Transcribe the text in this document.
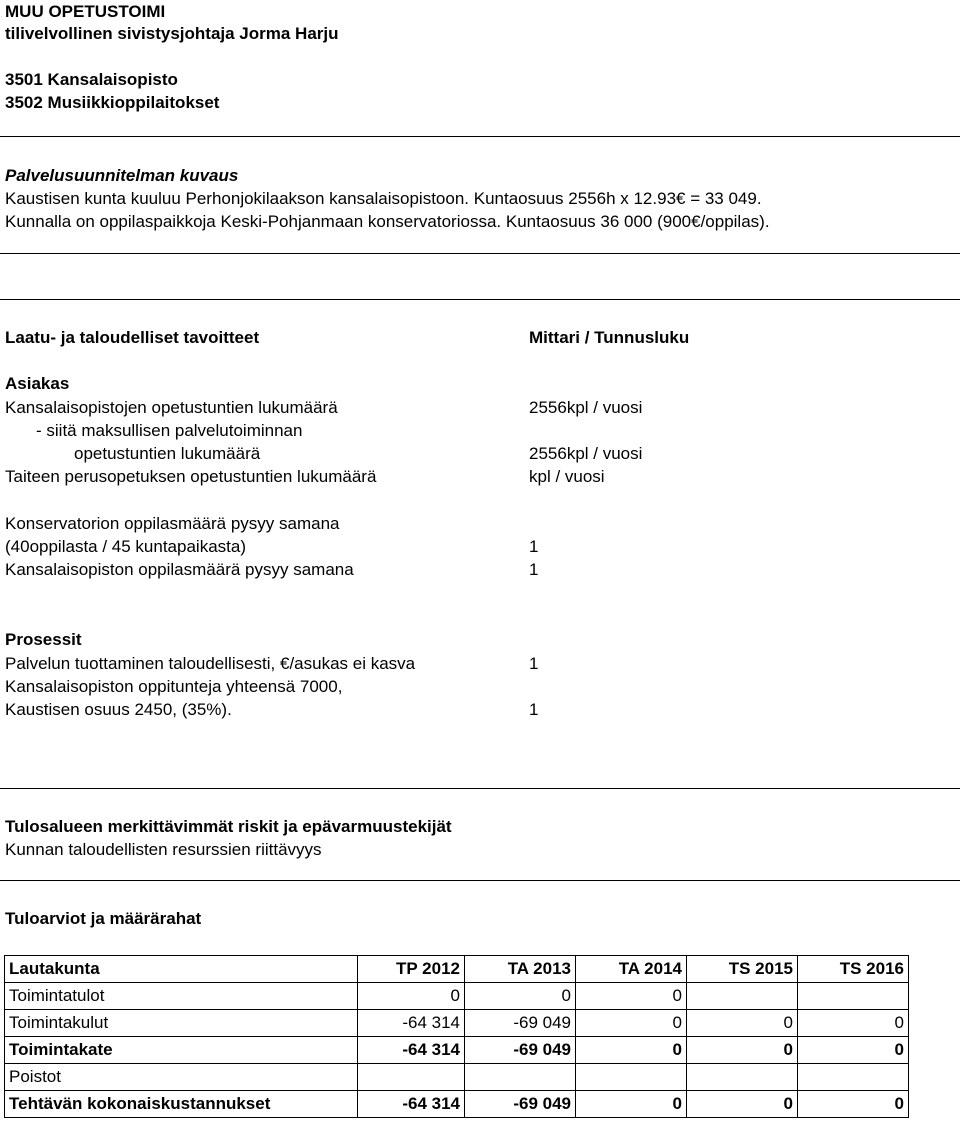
MUU OPETUSTOIMI
tilivelvollinen sivistysjohtaja Jorma Harju
3501 Kansalaisopisto
3502 Musiikkioppilaitokset
Palvelusuunnitelman kuvaus
Kaustisen kunta kuuluu Perhonjokilaakson kansalaisopistoon. Kuntaosuus 2556h x 12.93€ = 33 049.
Kunnalla on oppilaspaikkoja Keski-Pohjanmaan konservatoriossa. Kuntaosuus 36 000 (900€/oppilas).
Laatu- ja taloudelliset tavoitteet	Mittari / Tunnusluku
Asiakas
Kansalaisopistojen opetustuntien lukumäärä	2556kpl / vuosi
- siitä maksullisen palvelutoiminnan
opetustuntien lukumäärä	2556kpl / vuosi
Taiteen perusopetuksen opetustuntien lukumäärä	kpl / vuosi
Konservatorion oppilasmäärä pysyy samana
(40oppilasta / 45 kuntapaikasta)	1
Kansalaisopiston oppilasmäärä pysyy samana	1
Prosessit
Palvelun tuottaminen taloudellisesti, €/asukas ei kasva	1
Kansalaisopiston oppitunteja yhteensä 7000,
Kaustisen osuus 2450, (35%).	1
Tulosalueen merkittävimmät riskit ja epävarmuustekijät
Kunnan taloudellisten resurssien riittävyys
Tuloarviot ja määrärahat
Lautakunta	TP 2012	TA 2013	TA 2014	TS 2015	TS 2016
Toimintatulot	0	0	0		
Toimintakulut	-64 314	-69 049	0	0	0
Toimintakate	-64 314	-69 049	0	0	0
Poistot					
Tehtävän kokonaiskustannukset	-64 314	-69 049	0	0	0
